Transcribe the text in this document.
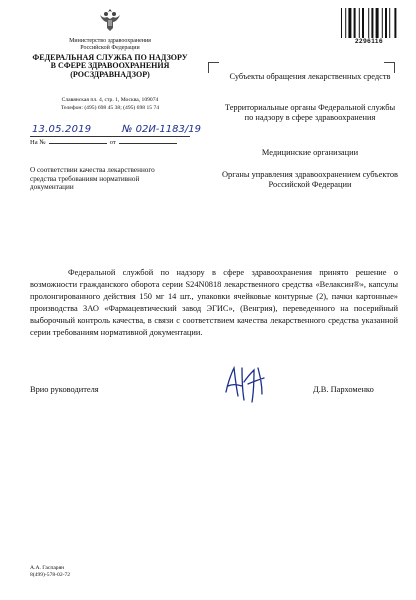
Министерство здравоохранения
Российской Федерации
ФЕДЕРАЛЬНАЯ СЛУЖБА ПО НАДЗОРУ
В СФЕРЕ ЗДРАВООХРАНЕНИЯ
(РОСЗДРАВНАДЗОР)
Славянская пл. 4, стр. 1, Москва, 109074
Телефон: (495) 698 45 38; (495) 698 15 74
13.05.2019	№ 02И-1183/19
На №	от
О соответствии качества лекарственного средства требованиям нормативной документации
2296116
Субъекты обращения лекарственных средств
Территориальные органы Федеральной службы по надзору в сфере здравоохранения
Медицинские организации
Органы управления здравоохранением субъектов Российской Федерации
Федеральной службой по надзору в сфере здравоохранения принято решение о возможности гражданского оборота серии S24N0818 лекарственного средства «Велаксин®», капсулы пролонгированного действия 150 мг 14 шт., упаковки ячейковые контурные (2), пачки картонные» производства ЗАО «Фармацевтический завод ЭГИС», (Венгрия), переведенного на посерийный выборочный контроль качества, в связи с соответствием качества лекарственного средства указанной серии требованиям нормативной документации.
Врио руководителя	Д.В. Пархоменко
А.А. Гаспарян
8(499)-578-02-72
